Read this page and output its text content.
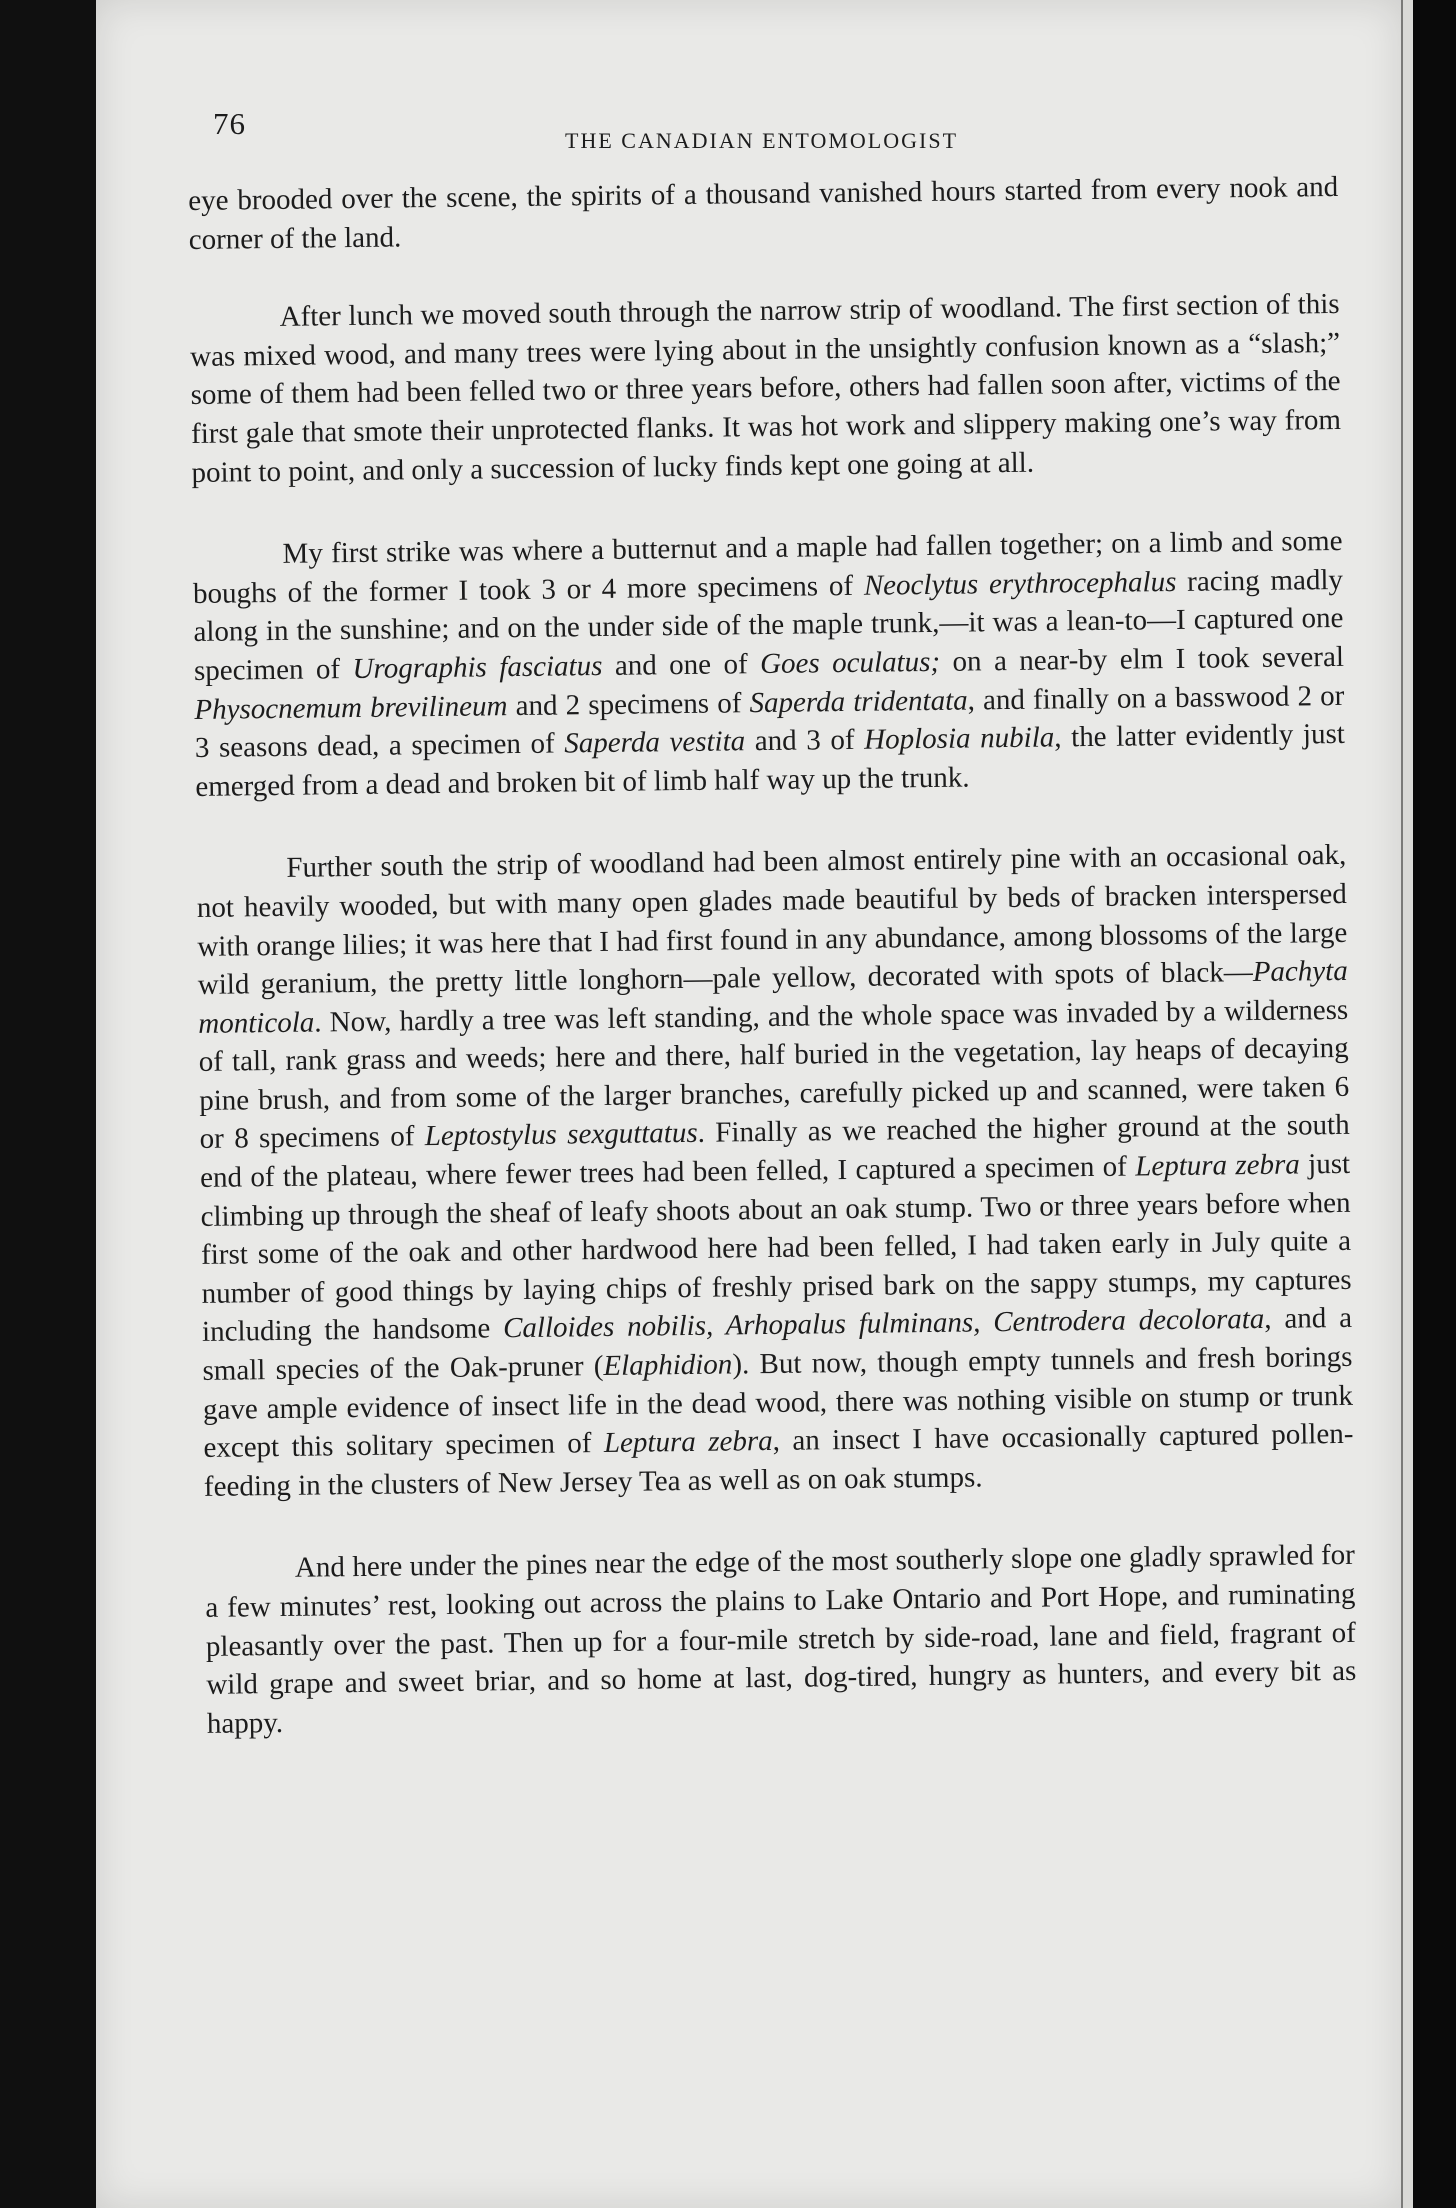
76	THE CANADIAN ENTOMOLOGIST

eye brooded over the scene, the spirits of a thousand vanished hours started from every nook and corner of the land.

After lunch we moved south through the narrow strip of woodland. The first section of this was mixed wood, and many trees were lying about in the unsightly confusion known as a “slash;” some of them had been felled two or three years before, others had fallen soon after, victims of the first gale that smote their unprotected flanks. It was hot work and slippery making one’s way from point to point, and only a succession of lucky finds kept one going at all.

My first strike was where a butternut and a maple had fallen together; on a limb and some boughs of the former I took 3 or 4 more specimens of Neoclytus erythrocephalus racing madly along in the sunshine; and on the under side of the maple trunk,—it was a lean-to—I captured one specimen of Urographis fasciatus and one of Goes oculatus; on a near-by elm I took several Physocnemum brevilineum and 2 specimens of Saperda tridentata, and finally on a basswood 2 or 3 seasons dead, a specimen of Saperda vestita and 3 of Hoplosia nubila, the latter evidently just emerged from a dead and broken bit of limb half way up the trunk.

Further south the strip of woodland had been almost entirely pine with an occasional oak, not heavily wooded, but with many open glades made beautiful by beds of bracken interspersed with orange lilies; it was here that I had first found in any abundance, among blossoms of the large wild geranium, the pretty little longhorn—pale yellow, decorated with spots of black—Pachyta monticola. Now, hardly a tree was left standing, and the whole space was invaded by a wilderness of tall, rank grass and weeds; here and there, half buried in the vegetation, lay heaps of decaying pine brush, and from some of the larger branches, carefully picked up and scanned, were taken 6 or 8 specimens of Leptostylus sexguttatus. Finally as we reached the higher ground at the south end of the plateau, where fewer trees had been felled, I captured a specimen of Leptura zebra just climbing up through the sheaf of leafy shoots about an oak stump. Two or three years before when first some of the oak and other hardwood here had been felled, I had taken early in July quite a number of good things by laying chips of freshly prised bark on the sappy stumps, my captures including the handsome Calloides nobilis, Arhopalus fulminans, Centrodera decolorata, and a small species of the Oak-pruner (Elaphidion). But now, though empty tunnels and fresh borings gave ample evidence of insect life in the dead wood, there was nothing visible on stump or trunk except this solitary specimen of Leptura zebra, an insect I have occasionally captured pollen-feeding in the clusters of New Jersey Tea as well as on oak stumps.

And here under the pines near the edge of the most southerly slope one gladly sprawled for a few minutes’ rest, looking out across the plains to Lake Ontario and Port Hope, and ruminating pleasantly over the past. Then up for a four-mile stretch by side-road, lane and field, fragrant of wild grape and sweet briar, and so home at last, dog-tired, hungry as hunters, and every bit as happy.
